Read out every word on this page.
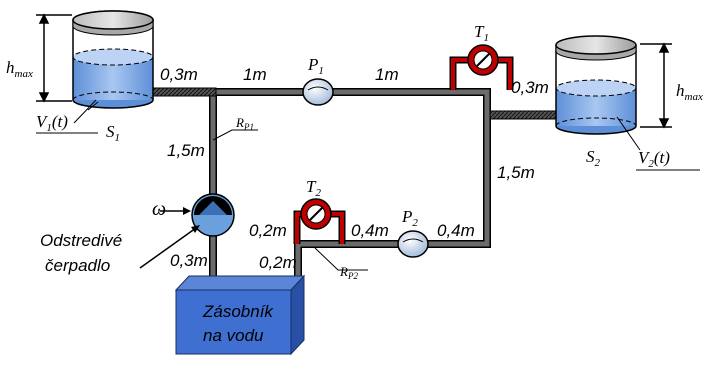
$h_{max}$
$h_{max}$
$V_1(t)$
$S_1$
$S_2$ $V_2(t)$
$P_1$
$P_2$
$T_1$
$T_2$
$R_{P1}$
$R_{P2}$
ω
Odstredivé
čerpadlo
Zásobník
na vodu
0,3m	1m	1m
0,3m
1,5m
1,5m
0,3m
0,2m
0,2m
0,4m	0,4m
